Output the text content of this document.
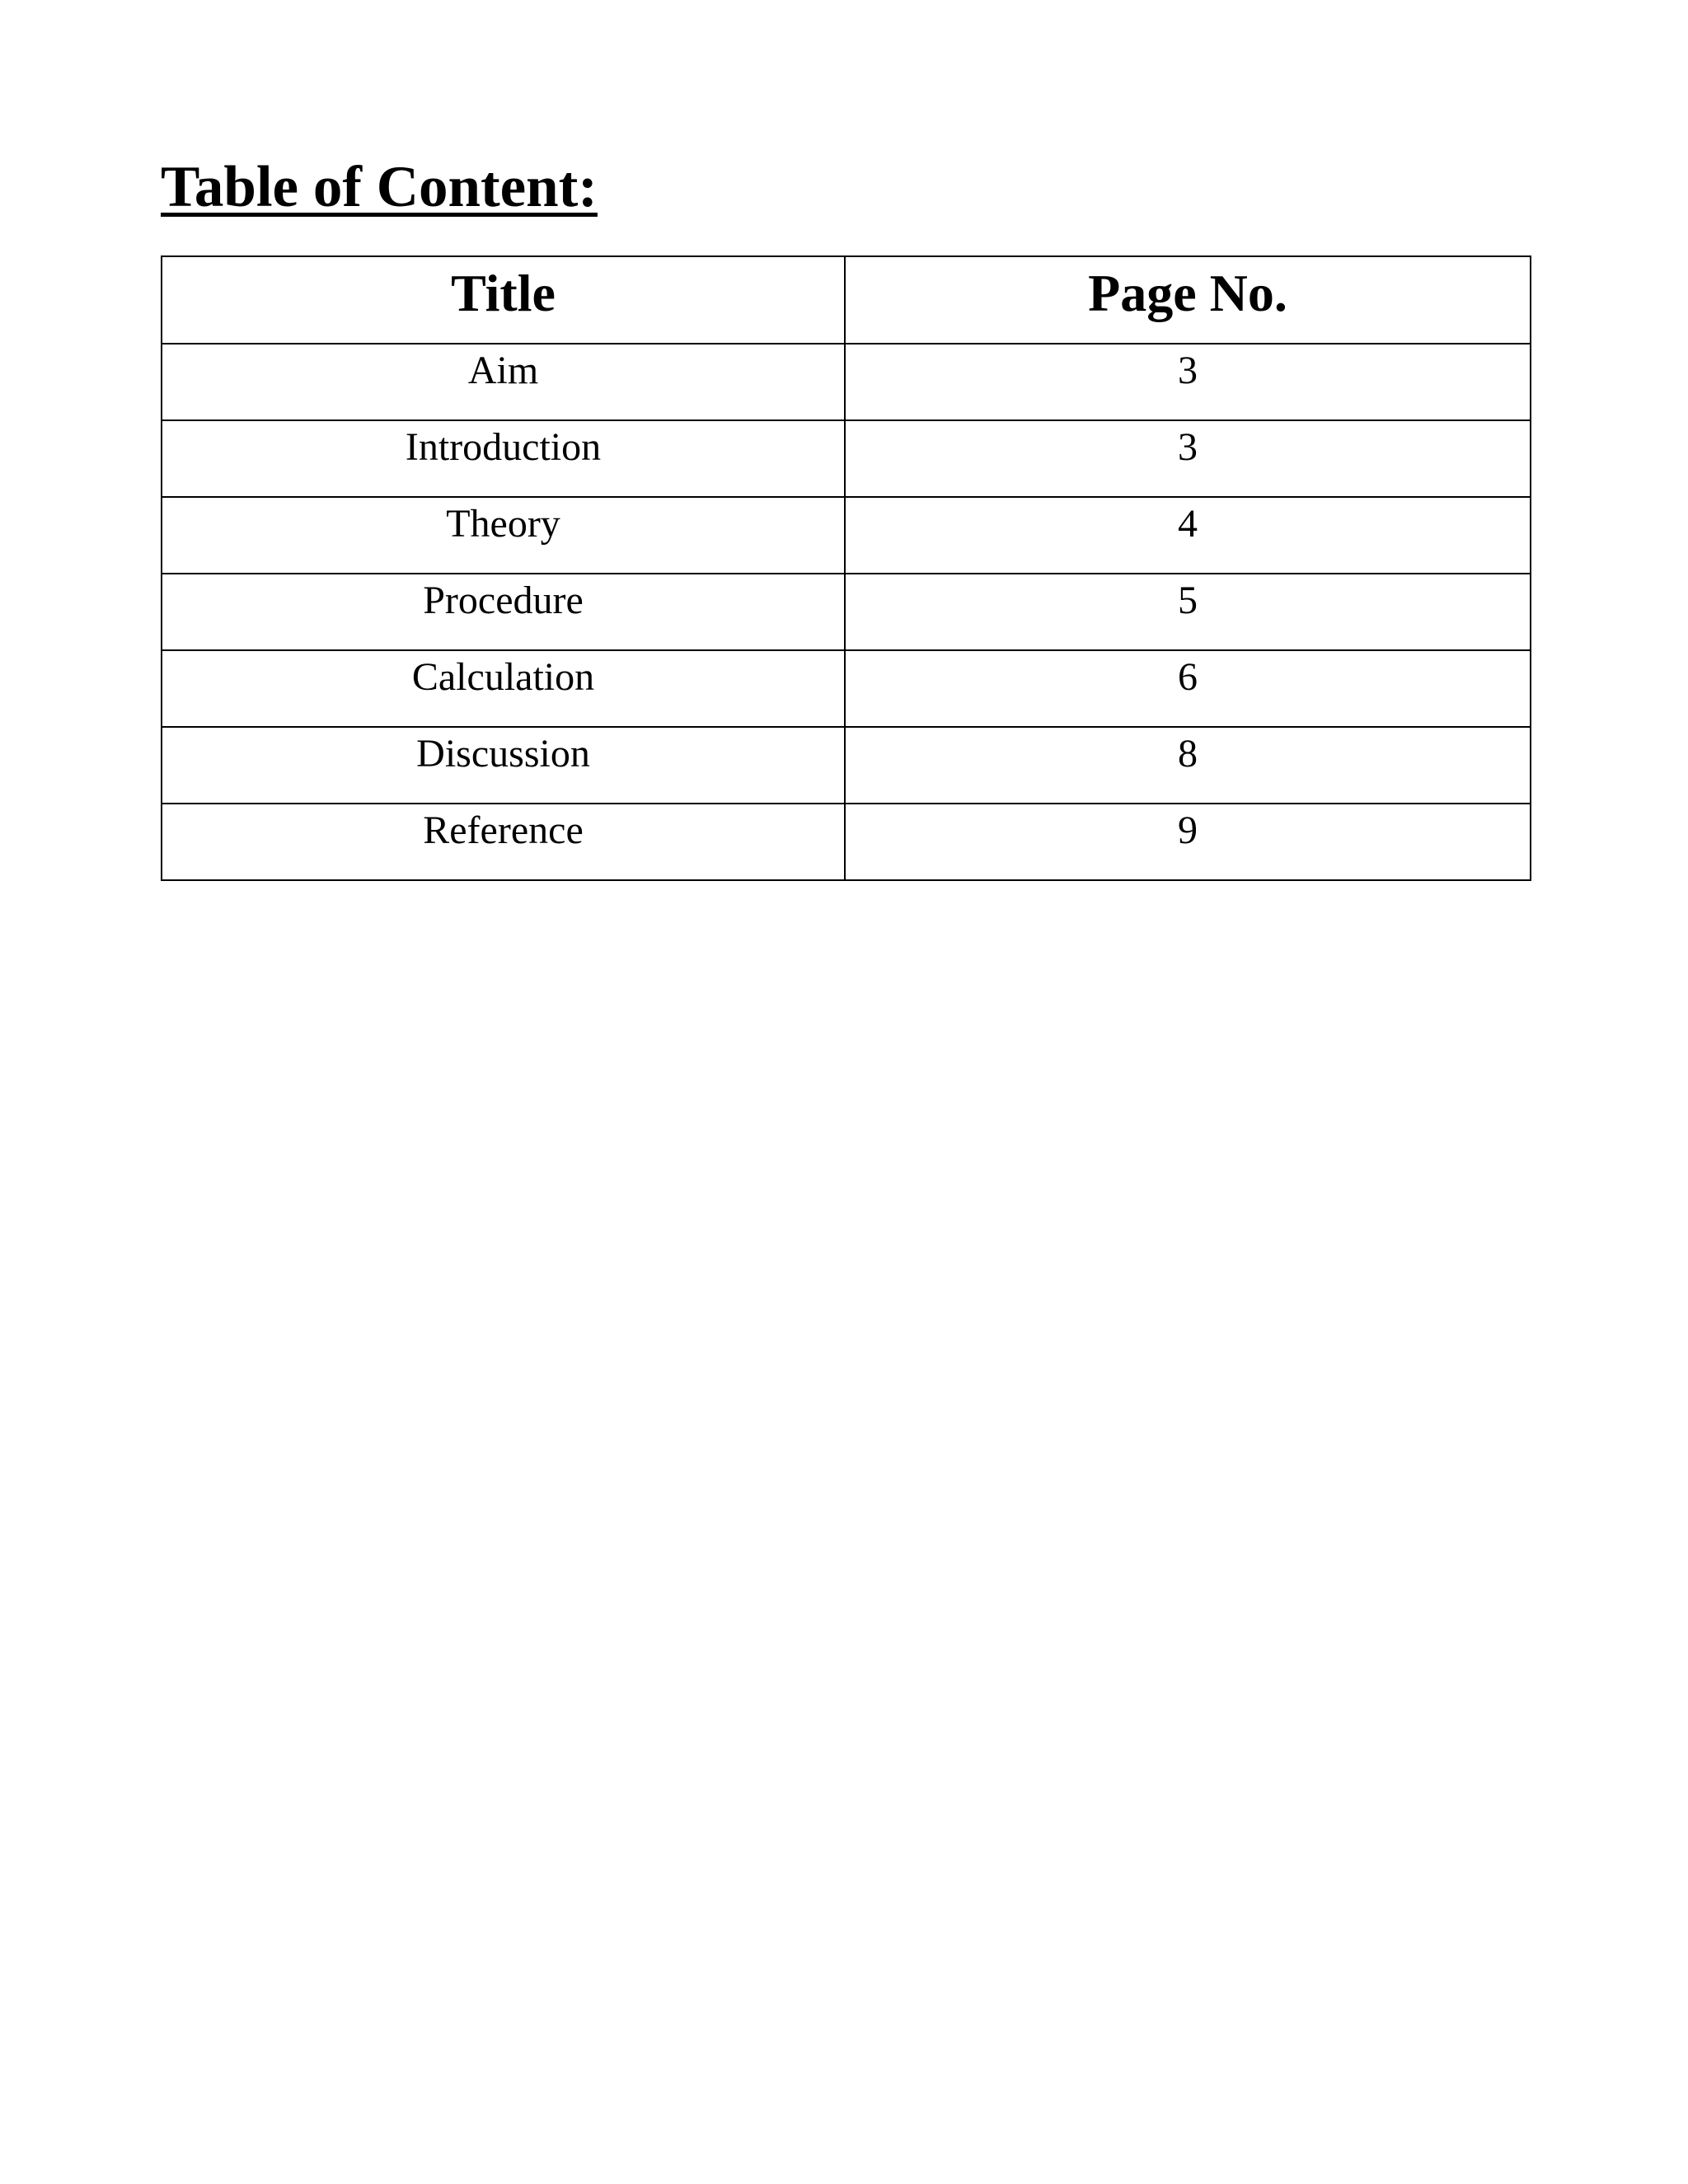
Table of Content:
Title	Page No.
Aim	3
Introduction	3
Theory	4
Procedure	5
Calculation	6
Discussion	8
Reference	9
